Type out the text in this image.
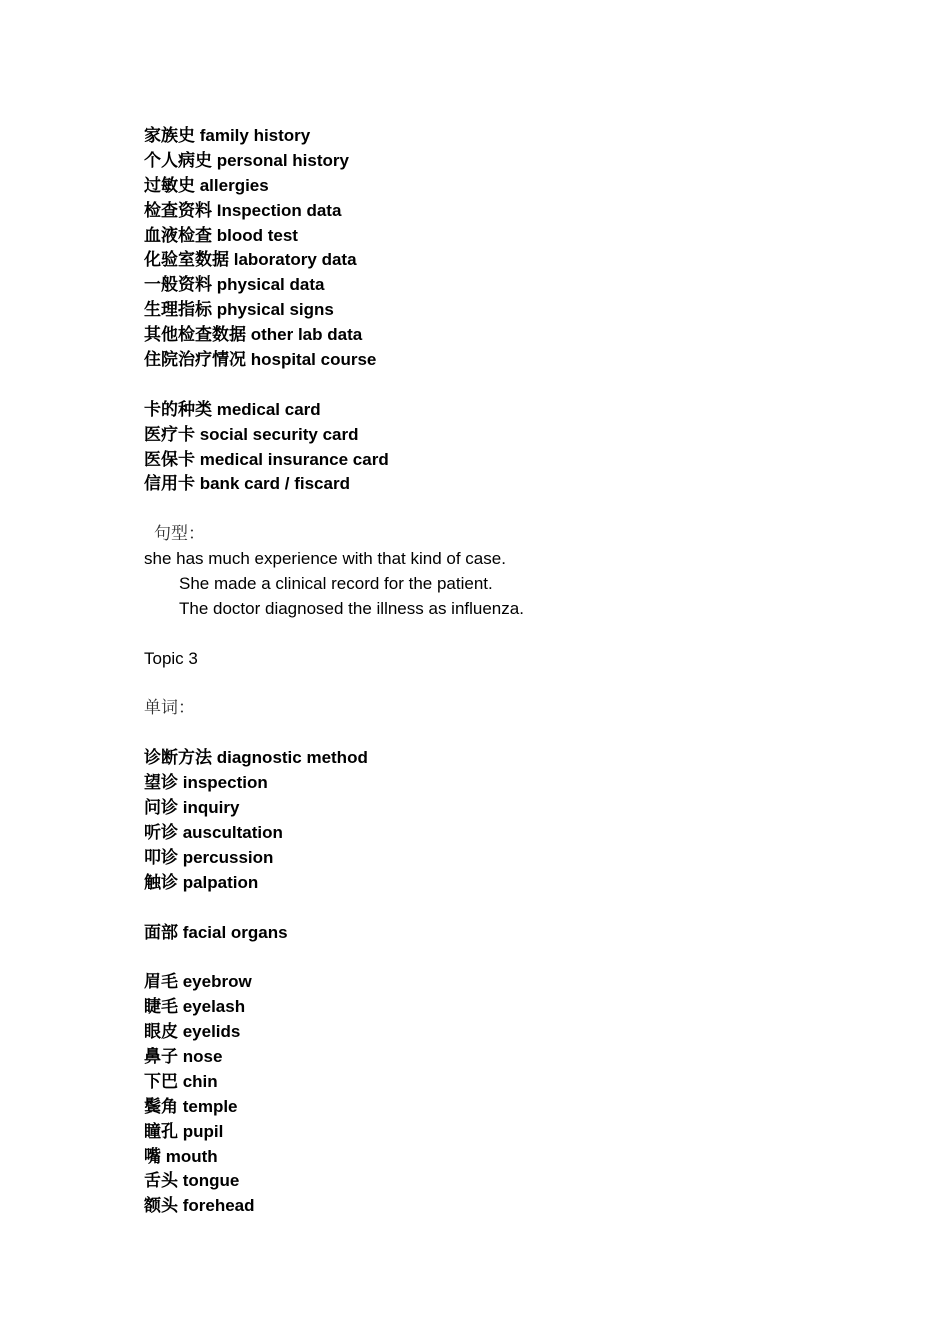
家族史 family history
个人病史 personal history
过敏史 allergies
检查资料 Inspection data
血液检查 blood test
化验室数据 laboratory data
一般资料 physical data
生理指标 physical signs
其他检查数据 other lab data
住院治疗情况 hospital course
卡的种类 medical card
医疗卡 social security card
医保卡 medical insurance card
信用卡 bank card / fiscard
句型：
she has much experience with that kind of case.
She made a clinical record for the patient.
The doctor diagnosed the illness as influenza.
Topic 3
单词：
诊断方法 diagnostic method
望诊 inspection
问诊 inquiry
听诊 auscultation
叩诊 percussion
触诊 palpation
面部 facial organs
眉毛 eyebrow
睫毛 eyelash
眼皮 eyelids
鼻子 nose
下巴 chin
鬓角 temple
瞳孔 pupil
嘴 mouth
舌头 tongue
额头 forehead
